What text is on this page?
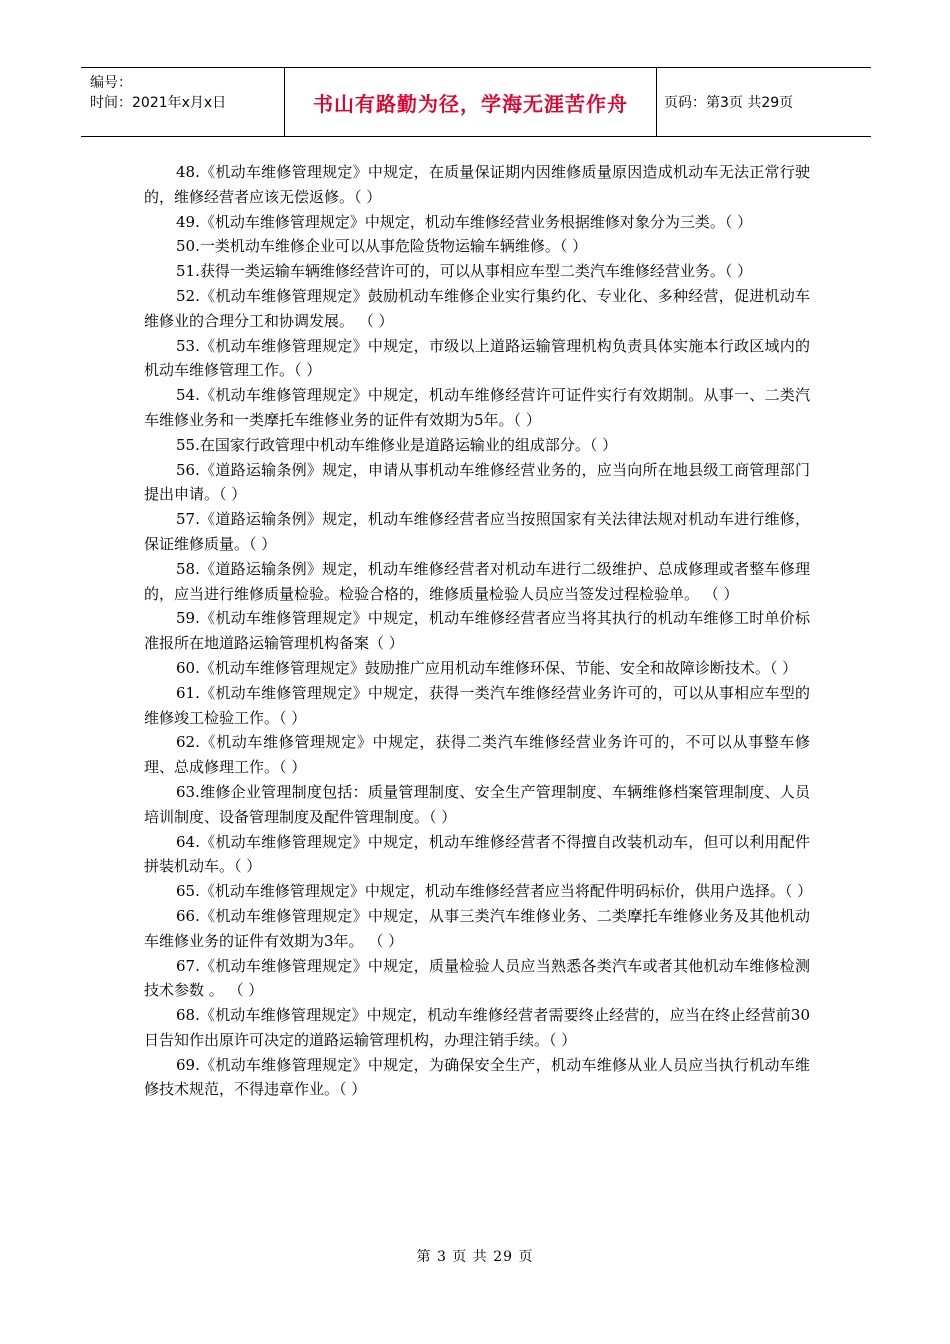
编号：
时间：2021年x月x日	书山有路勤为径，学海无涯苦作舟	页码：第3页 共29页
48.《机动车维修管理规定》中规定，在质量保证期内因维修质量原因造成机动车无法正常行驶的，维修经营者应该无偿返修。（ ）
49.《机动车维修管理规定》中规定，机动车维修经营业务根据维修对象分为三类。（ ）
50.一类机动车维修企业可以从事危险货物运输车辆维修。（ ）
51.获得一类运输车辆维修经营许可的，可以从事相应车型二类汽车维修经营业务。（ ）
52.《机动车维修管理规定》鼓励机动车维修企业实行集约化、专业化、多种经营，促进机动车维修业的合理分工和协调发展。 （ ）
53.《机动车维修管理规定》中规定，市级以上道路运输管理机构负责具体实施本行政区域内的机动车维修管理工作。（ ）
54.《机动车维修管理规定》中规定，机动车维修经营许可证件实行有效期制。从事一、二类汽车维修业务和一类摩托车维修业务的证件有效期为5年。（ ）
55.在国家行政管理中机动车维修业是道路运输业的组成部分。（ ）
56.《道路运输条例》规定，申请从事机动车维修经营业务的，应当向所在地县级工商管理部门提出申请。（ ）
57.《道路运输条例》规定，机动车维修经营者应当按照国家有关法律法规对机动车进行维修，保证维修质量。（ ）
58.《道路运输条例》规定，机动车维修经营者对机动车进行二级维护、总成修理或者整车修理的，应当进行维修质量检验。检验合格的，维修质量检验人员应当签发过程检验单。 （ ）
59.《机动车维修管理规定》中规定，机动车维修经营者应当将其执行的机动车维修工时单价标准报所在地道路运输管理机构备案（ ）
60.《机动车维修管理规定》鼓励推广应用机动车维修环保、节能、安全和故障诊断技术。（ ）
61.《机动车维修管理规定》中规定，获得一类汽车维修经营业务许可的，可以从事相应车型的维修竣工检验工作。（ ）
62.《机动车维修管理规定》中规定，获得二类汽车维修经营业务许可的，不可以从事整车修理、总成修理工作。（ ）
63.维修企业管理制度包括：质量管理制度、安全生产管理制度、车辆维修档案管理制度、人员培训制度、设备管理制度及配件管理制度。（ ）
64.《机动车维修管理规定》中规定，机动车维修经营者不得擅自改装机动车，但可以利用配件拼装机动车。（ ）
65.《机动车维修管理规定》中规定，机动车维修经营者应当将配件明码标价，供用户选择。（ ）
66.《机动车维修管理规定》中规定，从事三类汽车维修业务、二类摩托车维修业务及其他机动车维修业务的证件有效期为3年。 （ ）
67.《机动车维修管理规定》中规定，质量检验人员应当熟悉各类汽车或者其他机动车维修检测技术参数 。 （ ）
68.《机动车维修管理规定》中规定，机动车维修经营者需要终止经营的，应当在终止经营前30日告知作出原许可决定的道路运输管理机构，办理注销手续。（ ）
69.《机动车维修管理规定》中规定，为确保安全生产，机动车维修从业人员应当执行机动车维修技术规范，不得违章作业。（ ）
第 3 页 共 29 页
